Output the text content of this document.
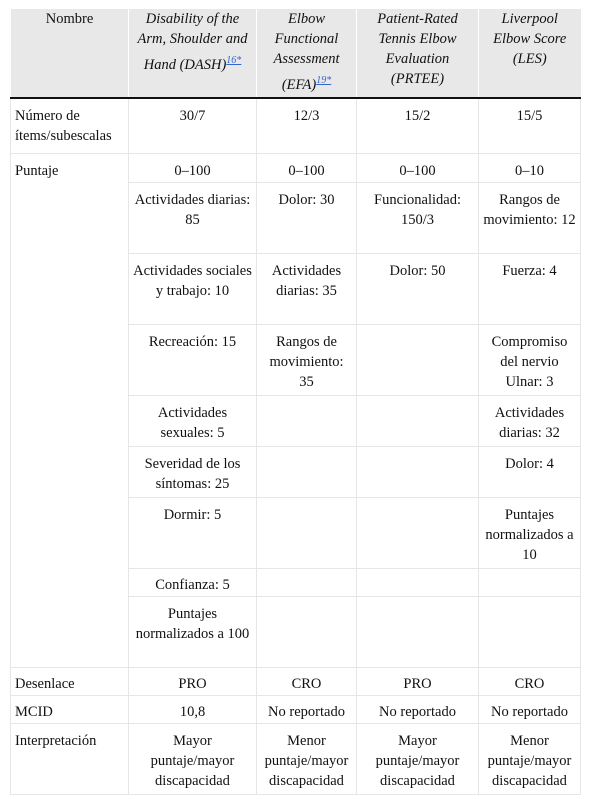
Nombre	Disability of the Arm, Shoulder and Hand (DASH)$^{16*}$	Elbow Functional Assessment (EFA)$^{19*}$	Patient-Rated Tennis Elbow Evaluation (PRTEE)	Liverpool Elbow Score (LES)
Número de ítems/subescalas	30/7	12/3	15/2	15/5
Puntaje	0–100	0–100	0–100	0–10
	Actividades diarias: 85	Dolor: 30	Funcionalidad: 150/3	Rangos de movimiento: 12
	Actividades sociales y trabajo: 10	Actividades diarias: 35	Dolor: 50	Fuerza: 4
	Recreación: 15	Rangos de movimiento: 35		Compromiso del nervio Ulnar: 3
	Actividades sexuales: 5			Actividades diarias: 32
	Severidad de los síntomas: 25			Dolor: 4
	Dormir: 5			Puntajes normalizados a 10
	Confianza: 5			
	Puntajes normalizados a 100			
Desenlace	PRO	CRO	PRO	CRO
MCID	10,8	No reportado	No reportado	No reportado
Interpretación	Mayor puntaje/mayor discapacidad	Menor puntaje/mayor discapacidad	Mayor puntaje/mayor discapacidad	Menor puntaje/mayor discapacidad
